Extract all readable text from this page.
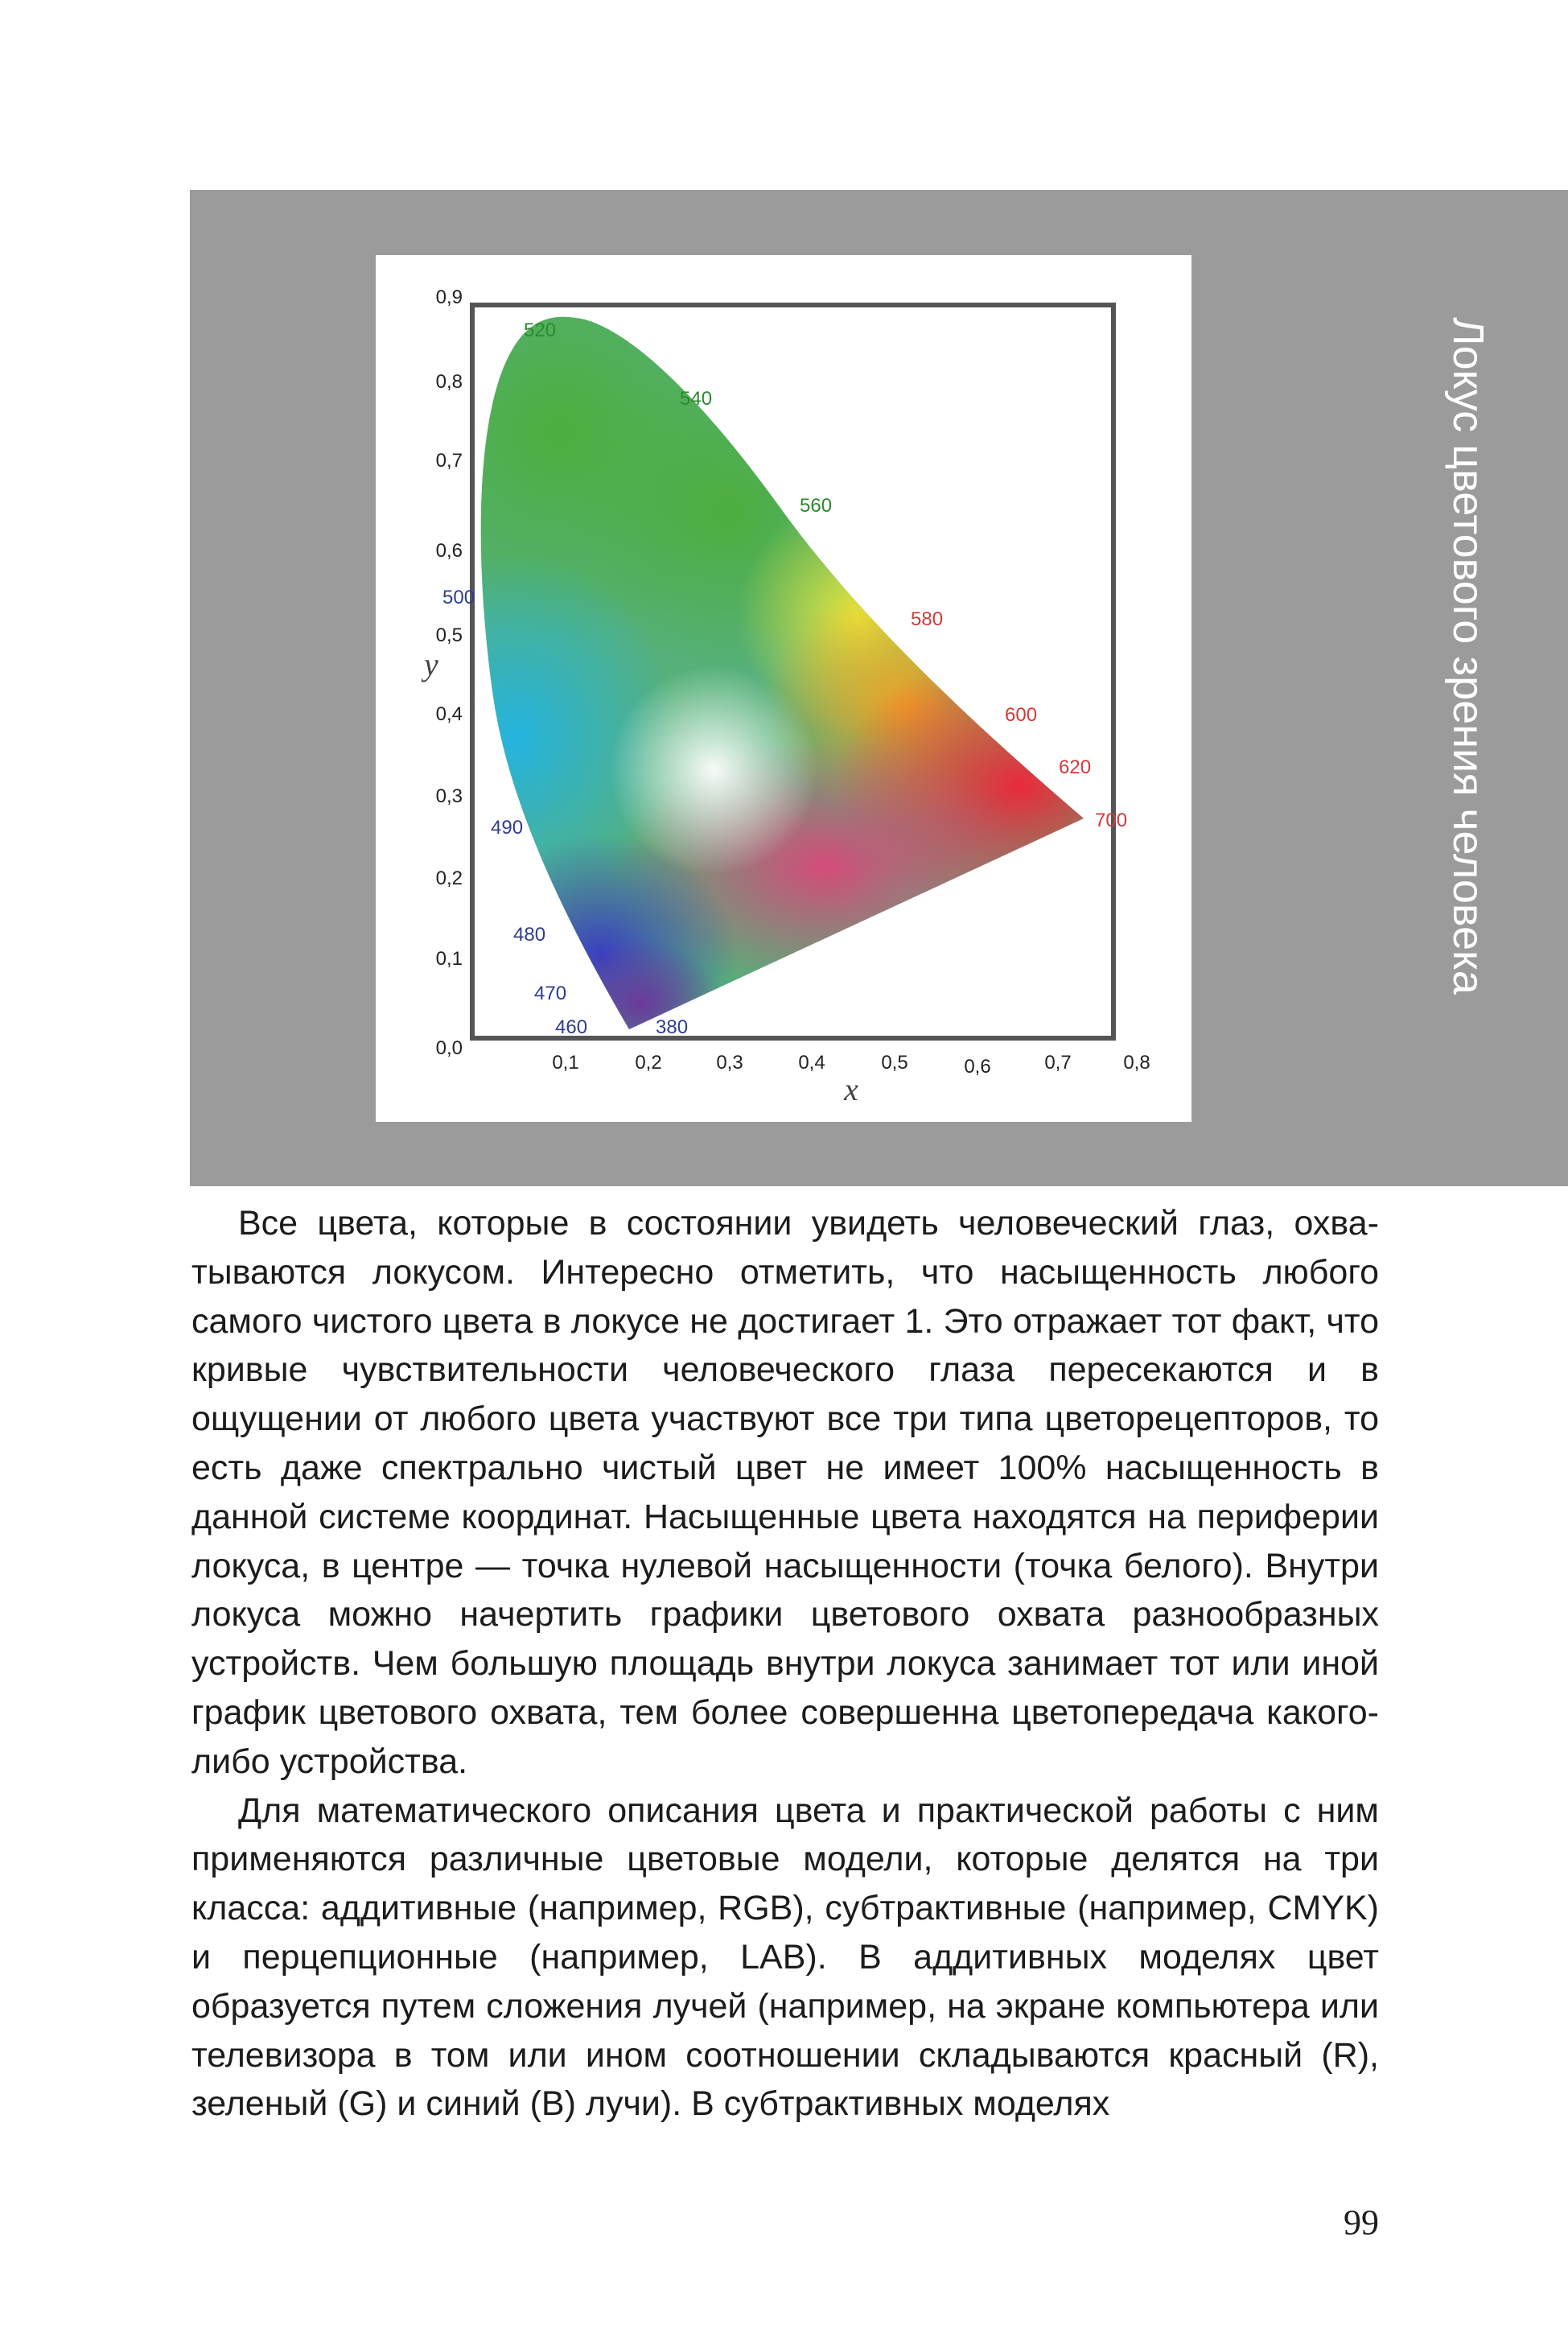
Локус цветового зрения человека
0,9
0,8
0,7
0,6
0,5
0,4
0,3
0,2
0,1
0,0
0,1	0,2	0,3	0,4	0,5	0,6	0,7	0,8
y
x
520
540
560
580
600
620
700
500
490
480
470
460	380

Все цвета, которые в состоянии увидеть человеческий глаз, охватываются локусом. Интересно отметить, что насыщенность любого самого чистого цвета в локусе не достигает 1. Это отражает тот факт, что кривые чувствительности человеческого глаза пересекаются и в ощущении от любого цвета участвуют все три типа цветорецепторов, то есть даже спектрально чистый цвет не имеет 100% насыщенность в данной системе координат. Насыщенные цвета находятся на периферии локуса, в центре — точка нулевой насыщенности (точка белого). Внутри локуса можно начертить графики цветового охвата разнообразных устройств. Чем большую площадь внутри локуса занимает тот или иной график цветового охвата, тем более совершенна цветопередача какого-либо устройства.

Для математического описания цвета и практической работы с ним применяются различные цветовые модели, которые делятся на три класса: аддитивные (например, RGB), субтрактивные (например, CMYK) и перцепционные (например, LAB). В аддитивных моделях цвет образуется путем сложения лучей (например, на экране компьютера или телевизора в том или ином соотношении складываются красный (R), зеленый (G) и синий (B) лучи). В субтрактивных моделях

99
